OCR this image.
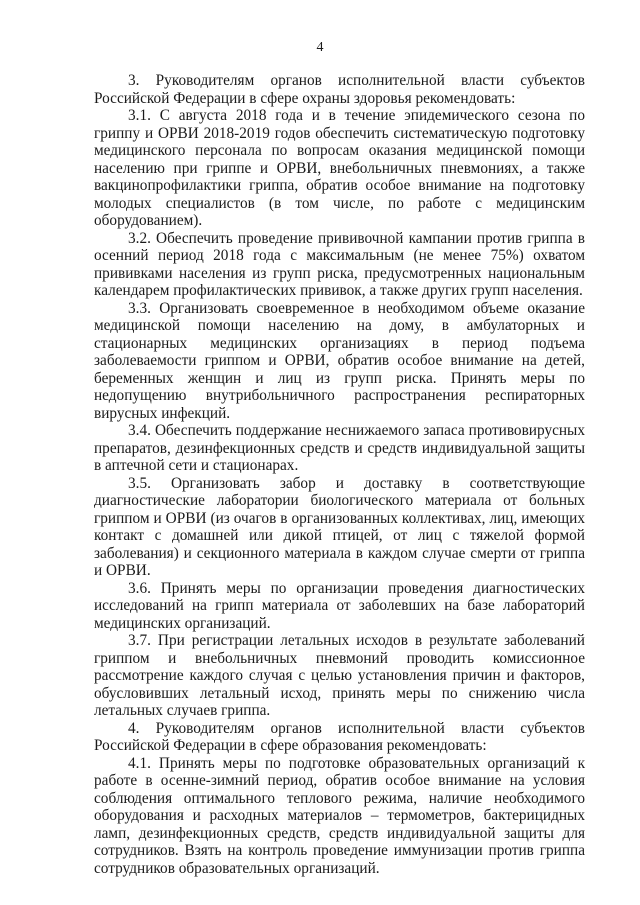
4

3. Руководителям органов исполнительной власти субъектов Российской Федерации в сфере охраны здоровья рекомендовать:

3.1. С августа 2018 года и в течение эпидемического сезона по гриппу и ОРВИ 2018-2019 годов обеспечить систематическую подготовку медицинского персонала по вопросам оказания медицинской помощи населению при гриппе и ОРВИ, внебольничных пневмониях, а также вакцинопрофилактики гриппа, обратив особое внимание на подготовку молодых специалистов (в том числе, по работе с медицинским оборудованием).

3.2. Обеспечить проведение прививочной кампании против гриппа в осенний период 2018 года с максимальным (не менее 75%) охватом прививками населения из групп риска, предусмотренных национальным календарем профилактических прививок, а также других групп населения.

3.3. Организовать своевременное в необходимом объеме оказание медицинской помощи населению на дому, в амбулаторных и стационарных медицинских организациях в период подъема заболеваемости гриппом и ОРВИ, обратив особое внимание на детей, беременных женщин и лиц из групп риска. Принять меры по недопущению внутрибольничного распространения респираторных вирусных инфекций.

3.4. Обеспечить поддержание неснижаемого запаса противовирусных препаратов, дезинфекционных средств и средств индивидуальной защиты в аптечной сети и стационарах.

3.5. Организовать забор и доставку в соответствующие диагностические лаборатории биологического материала от больных гриппом и ОРВИ (из очагов в организованных коллективах, лиц, имеющих контакт с домашней или дикой птицей, от лиц с тяжелой формой заболевания) и секционного материала в каждом случае смерти от гриппа и ОРВИ.

3.6. Принять меры по организации проведения диагностических исследований на грипп материала от заболевших на базе лабораторий медицинских организаций.

3.7. При регистрации летальных исходов в результате заболеваний гриппом и внебольничных пневмоний проводить комиссионное рассмотрение каждого случая с целью установления причин и факторов, обусловивших летальный исход, принять меры по снижению числа летальных случаев гриппа.

4. Руководителям органов исполнительной власти субъектов Российской Федерации в сфере образования рекомендовать:

4.1. Принять меры по подготовке образовательных организаций к работе в осенне-зимний период, обратив особое внимание на условия соблюдения оптимального теплового режима, наличие необходимого оборудования и расходных материалов – термометров, бактерицидных ламп, дезинфекционных средств, средств индивидуальной защиты для сотрудников. Взять на контроль проведение иммунизации против гриппа сотрудников образовательных организаций.
